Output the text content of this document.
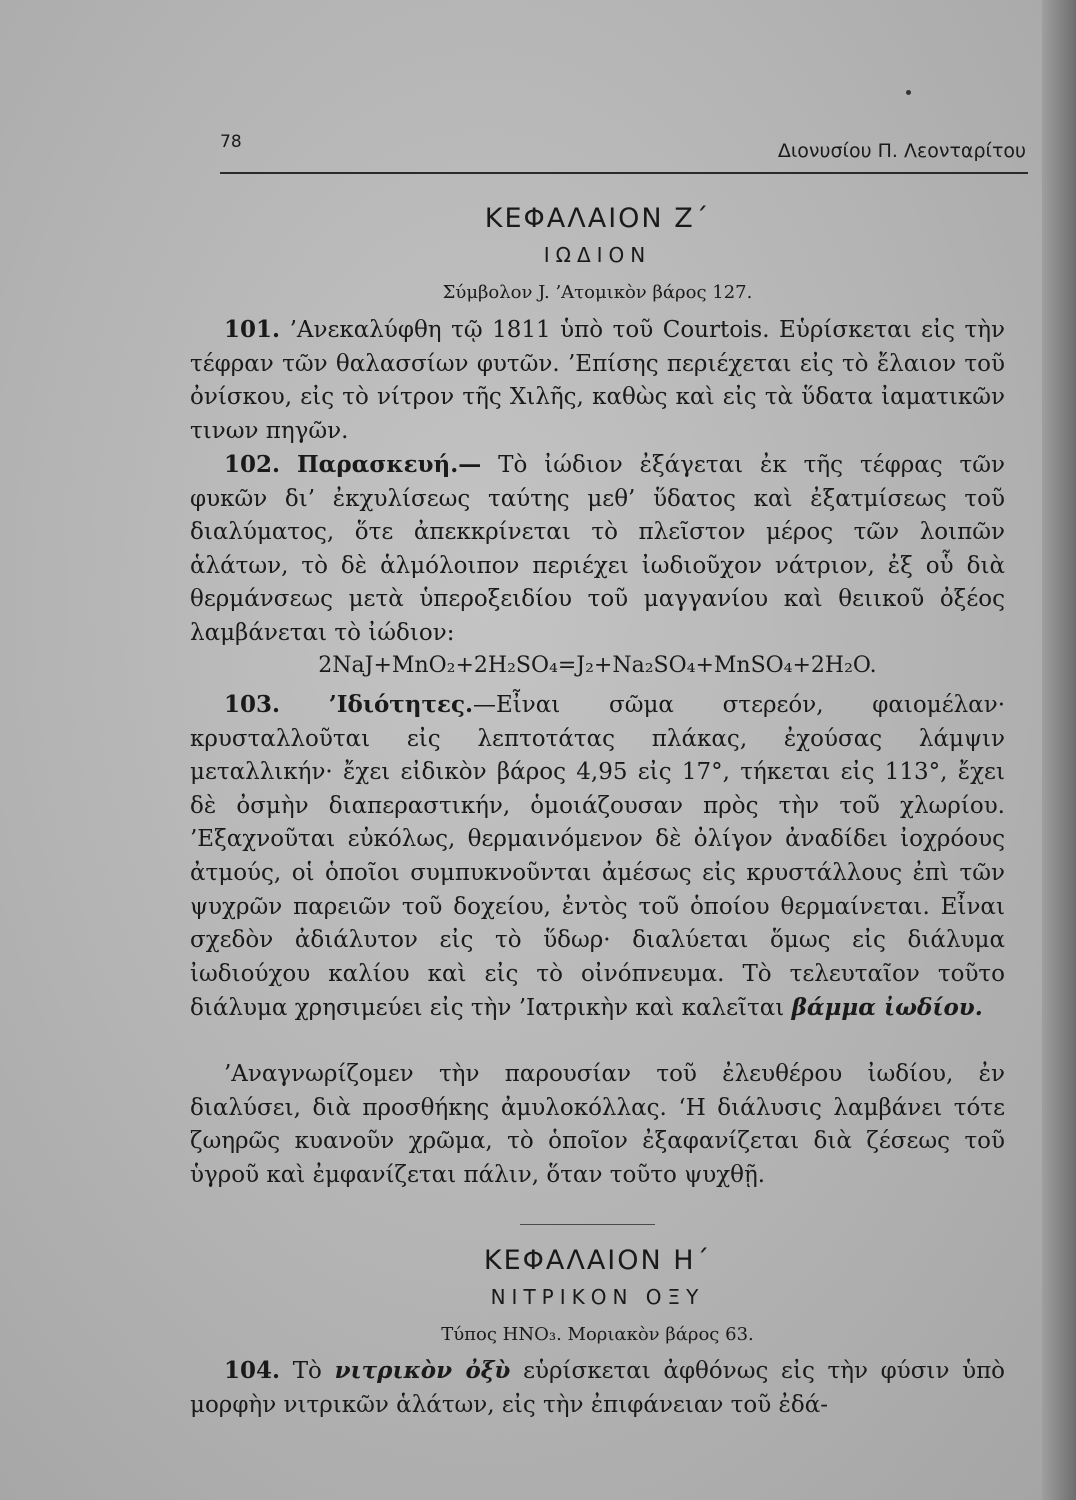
78	Διονυσίου Π. Λεονταρίτου
ΚΕΦΑΛΑΙΟΝ Ζ΄
ΙΩΔΙΟΝ
Σύμβολον J. ’Ατομικὸν βάρος 127.

101. ’Ανεκαλύφθη τῷ 1811 ὑπὸ τοῦ Courtois. Εὑρίσκεται εἰς τὴν τέφραν τῶν θαλασσίων φυτῶν. ’Επίσης περιέχεται εἰς τὸ ἔλαιον τοῦ ὀνίσκου, εἰς τὸ νίτρον τῆς Χιλῆς, καθὼς καὶ εἰς τὰ ὕδατα ἰαματικῶν τινων πηγῶν.

102. Παρασκευή.— Τὸ ἰώδιον ἐξάγεται ἐκ τῆς τέφρας τῶν φυκῶν δι’ ἐκχυλίσεως ταύτης μεθ’ ὕδατος καὶ ἐξατμίσεως τοῦ διαλύματος, ὅτε ἀπεκκρίνεται τὸ πλεῖστον μέρος τῶν λοιπῶν ἁλάτων, τὸ δὲ ἁλμόλοιπον περιέχει ἰωδιοῦχον νάτριον, ἐξ οὗ διὰ θερμάνσεως μετὰ ὑπεροξειδίου τοῦ μαγγανίου καὶ θειικοῦ ὀξέος λαμβάνεται τὸ ἰώδιον:

2NaJ+MnO₂+2H₂SO₄=J₂+Na₂SO₄+MnSO₄+2H₂O.

103. ’Ιδιότητες.—Εἶναι σῶμα στερεόν, φαιομέλαν· κρυσταλλοῦται εἰς λεπτοτάτας πλάκας, ἐχούσας λάμψιν μεταλλικήν· ἔχει εἰδικὸν βάρος 4,95 εἰς 17°, τήκεται εἰς 113°, ἔχει δὲ ὀσμὴν διαπεραστικήν, ὁμοιάζουσαν πρὸς τὴν τοῦ χλωρίου. ’Εξαχνοῦται εὐκόλως, θερμαινόμενον δὲ ὀλίγον ἀναδίδει ἰοχρόους ἀτμούς, οἱ ὁποῖοι συμπυκνοῦνται ἀμέσως εἰς κρυστάλλους ἐπὶ τῶν ψυχρῶν παρειῶν τοῦ δοχείου, ἐντὸς τοῦ ὁποίου θερμαίνεται. Εἶναι σχεδὸν ἀδιάλυτον εἰς τὸ ὕδωρ· διαλύεται ὅμως εἰς διάλυμα ἰωδιούχου καλίου καὶ εἰς τὸ οἰνόπνευμα. Τὸ τελευταῖον τοῦτο διάλυμα χρησιμεύει εἰς τὴν ’Ιατρικὴν καὶ καλεῖται βάμμα ἰωδίου.

’Αναγνωρίζομεν τὴν παρουσίαν τοῦ ἐλευθέρου ἰωδίου, ἐν διαλύσει, διὰ προσθήκης ἀμυλοκόλλας. ‘Η διάλυσις λαμβάνει τότε ζωηρῶς κυανοῦν χρῶμα, τὸ ὁποῖον ἐξαφανίζεται διὰ ζέσεως τοῦ ὑγροῦ καὶ ἐμφανίζεται πάλιν, ὅταν τοῦτο ψυχθῇ.

ΚΕΦΑΛΑΙΟΝ Η΄
ΝΙΤΡΙΚΟΝ ΟΞΥ
Τύπος HNO₃. Μοριακὸν βάρος 63.

104. Τὸ νιτρικὸν ὀξὺ εὑρίσκεται ἀφθόνως εἰς τὴν φύσιν ὑπὸ μορφὴν νιτρικῶν ἁλάτων, εἰς τὴν ἐπιφάνειαν τοῦ ἐδά-
